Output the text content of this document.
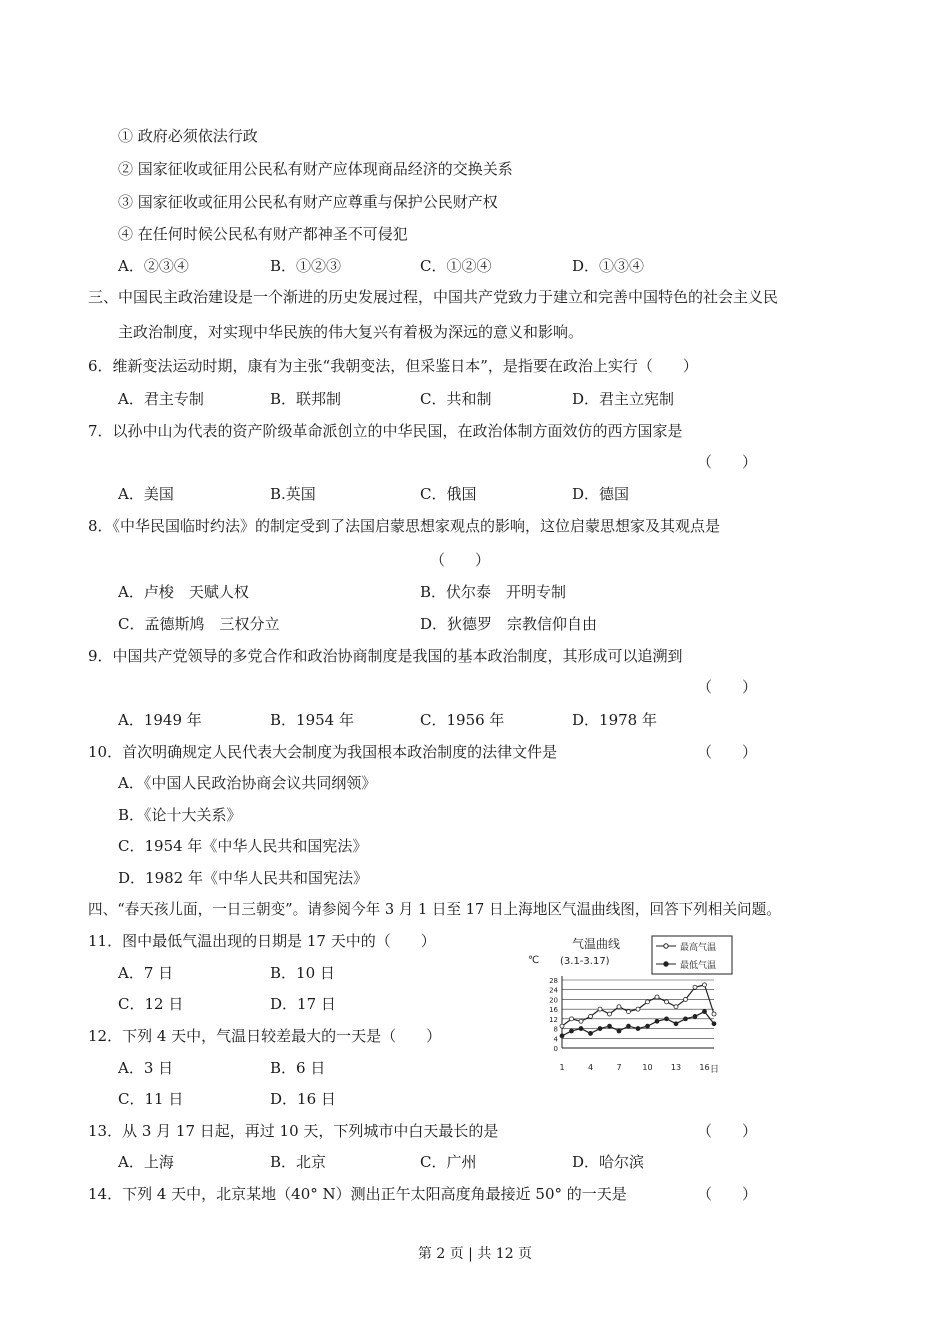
① 政府必须依法行政
② 国家征收或征用公民私有财产应体现商品经济的交换关系
③ 国家征收或征用公民私有财产应尊重与保护公民财产权
④ 在任何时候公民私有财产都神圣不可侵犯
A．②③④	B．①②③	C．①②④	D．①③④
三、中国民主政治建设是一个渐进的历史发展过程，中国共产党致力于建立和完善中国特色的社会主义民
主政治制度，对实现中华民族的伟大复兴有着极为深远的意义和影响。
6．维新变法运动时期，康有为主张“我朝变法，但采鉴日本”，是指要在政治上实行（　　）
A．君主专制	B．联邦制	C．共和制	D．君主立宪制
7．以孙中山为代表的资产阶级革命派创立的中华民国，在政治体制方面效仿的西方国家是
（　　）
A．美国	B.英国	C．俄国	D．德国
8．《中华民国临时约法》的制定受到了法国启蒙思想家观点的影响，这位启蒙思想家及其观点是
（　　）
A．卢梭　天赋人权	B．伏尔泰　开明专制
C．孟德斯鸠　三权分立	D．狄德罗　宗教信仰自由
9．中国共产党领导的多党合作和政治协商制度是我国的基本政治制度，其形成可以追溯到
（　　）
A．1949 年	B．1954 年	C．1956 年	D．1978 年
10．首次明确规定人民代表大会制度为我国根本政治制度的法律文件是	（　　）
A．《中国人民政治协商会议共同纲领》
B．《论十大关系》
C．1954 年《中华人民共和国宪法》
D．1982 年《中华人民共和国宪法》
四、“春天孩儿面，一日三朝变”。请参阅今年 3 月 1 日至 17 日上海地区气温曲线图，回答下列相关问题。
11．图中最低气温出现的日期是 17 天中的（　　）
A．7 日	B．10 日
C．12 日	D．17 日
12．下列 4 天中，气温日较差最大的一天是（　　）
A．3 日	B．6 日
C．11 日	D．16 日
13．从 3 月 17 日起，再过 10 天，下列城市中白天最长的是	（　　）
A．上海	B．北京	C．广州	D．哈尔滨
14．下列 4 天中，北京某地（40° N）测出正午太阳高度角最接近 50° 的一天是	（　　）
第 2 页 | 共 12 页
气温曲线
(3.1-3.17)
℃
最高气温
最低气温
28
24
20
16
12
8
4
0
1	4	7	10 13 16 日
